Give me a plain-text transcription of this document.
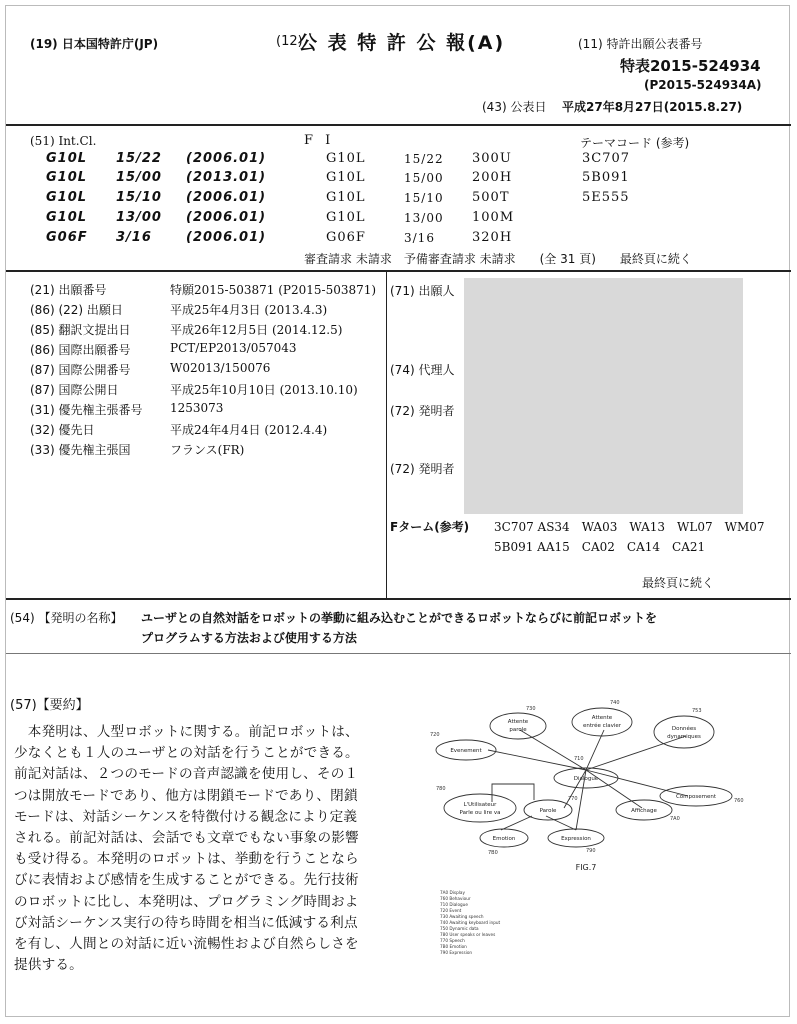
(19) 日本国特許庁(JP)	(12)
公 表 特 許 公 報(A)	(11) 特許出願公表番号
特表2015-524934
(P2015-524934A)
(43) 公表日 平成27年8月27日(2015.8.27)
(51) Int.Cl.	F I	テーマコード (参考)
G10L 15/22 (2006.01)	G10L	15/22 300U	3C707
G10L 15/00 (2013.01)	G10L	15/00 200H	5B091
G10L 15/10 (2006.01)	G10L	15/10 500T	5E555
G10L 13/00 (2006.01)	G10L	13/00 100M
G06F 3/16	(2006.01)	G06F	3/16	320H
審査請求 未請求　予備審査請求 未請求　　(全 31 頁)　　最終頁に続く
(21) 出願番号	特願2015-503871 (P2015-503871)
(86) (22) 出願日	平成25年4月3日 (2013.4.3)
(85) 翻訳文提出日	平成26年12月5日 (2014.12.5)
(86) 国際出願番号	PCT/EP2013/057043
(87) 国際公開番号	W02013/150076
(87) 国際公開日	平成25年10月10日 (2013.10.10)
(31) 優先権主張番号 1253073
(32) 優先日	平成24年4月4日 (2012.4.4)
(33) 優先権主張国	フランス(FR)
(71) 出願人
(74) 代理人
(72) 発明者
(72) 発明者
Fターム(参考) 3C707 AS34　WA03　WA13　WL07　WM07
5B091 AA15　CA02　CA14　CA21
最終頁に続く
(54) 【発明の名称】 ユーザとの自然対話をロボットの挙動に組み込むことができるロボットならびに前記ロボットを
プログラムする方法および使用する方法
(57)【要約】
　本発明は、人型ロボットに関する。前記ロボットは、
少なくとも１人のユーザとの対話を行うことができる。
前記対話は、２つのモードの音声認識を使用し、その１
つは開放モードであり、他方は閉鎖モードであり、閉鎖
モードは、対話シーケンスを特徴付ける観念により定義
される。前記対話は、会話でも文章でもない事象の影響
も受け得る。本発明のロボットは、挙動を行うことなら
びに表情および感情を生成することができる。先行技術
のロボットに比し、本発明は、プログラミング時間およ
び対話シーケンス実行の待ち時間を相当に低減する利点
を有し、人間との対話に近い流暢性および自然らしさを
提供する。
Attente
parole
Attente
entrée clavier	Données
dynamiques
Evenement
Dialogue
L'Utilisateur
Parle ou lire va	Parole
Composement
Affichage
Emotion	Expression
730
740
753
720
710
780
770	760
7A0
7B0	790
FIG.7
7A0 Display
760 Behaviour
710 Dialogue
720 Event
730 Awaiting speech
740 Awaiting keyboard input
750 Dynamic data
780 User speaks or leaves
770 Speech
7B0 Emotion
790 Expression
